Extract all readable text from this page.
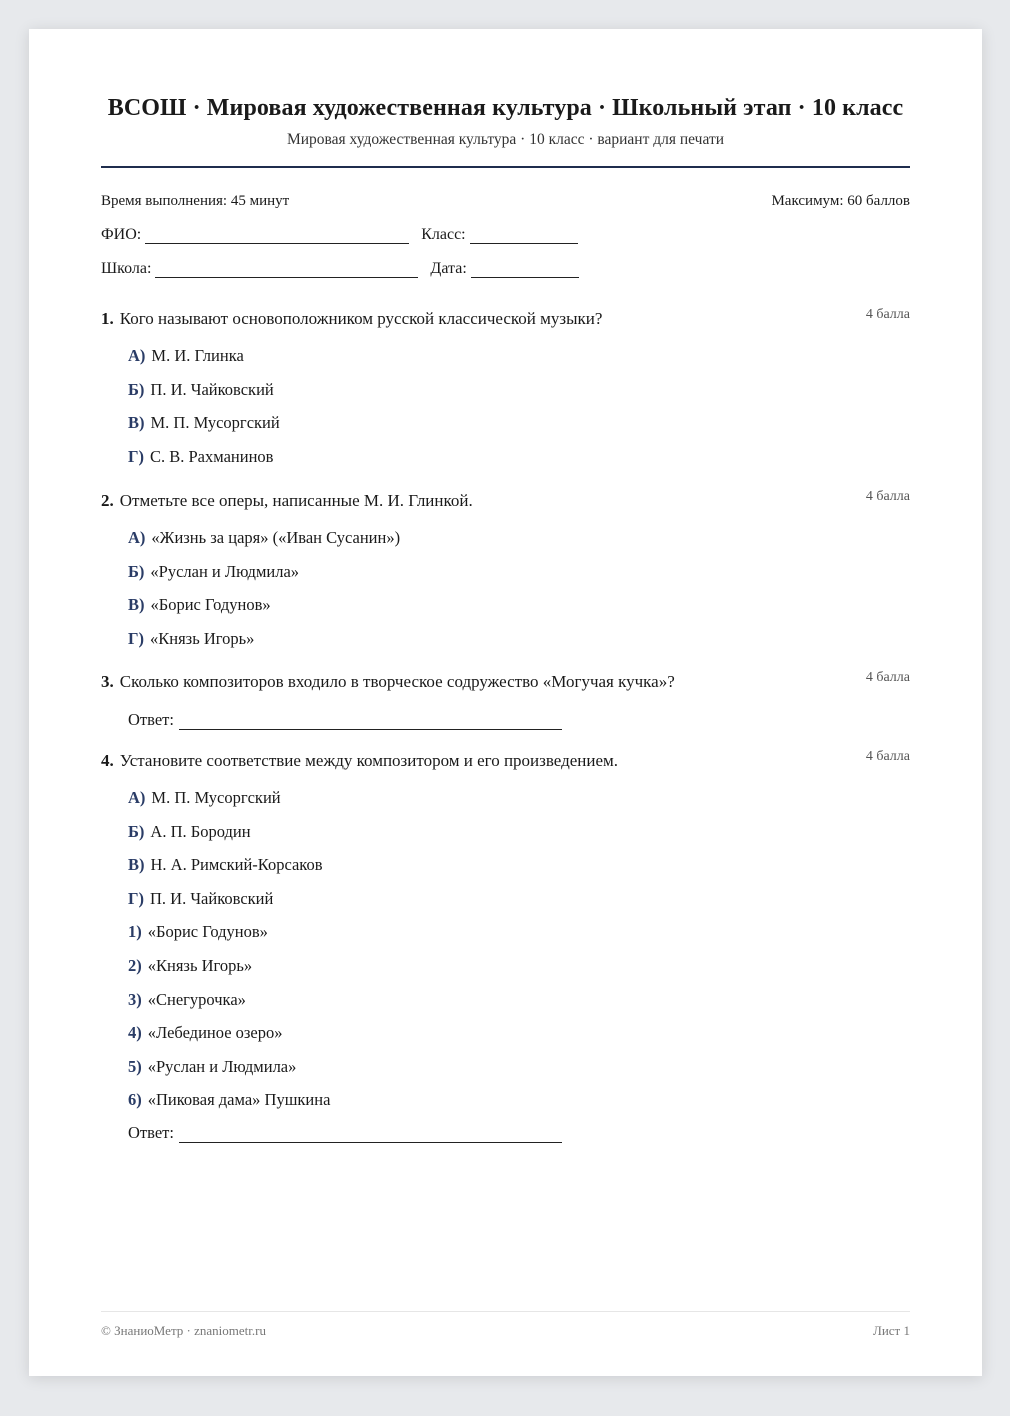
ВСОШ · Мировая художественная культура · Школьный этап · 10 класс
Мировая художественная культура · 10 класс · вариант для печати
Время выполнения: 45 минут	Максимум: 60 баллов
ФИО:	Класс:
Школа:	Дата:
1. Кого называют основоположником русской классической музыки?	4 балла
А) М. И. Глинка
Б) П. И. Чайковский
В) М. П. Мусоргский
Г) С. В. Рахманинов
2. Отметьте все оперы, написанные М. И. Глинкой.	4 балла
А) «Жизнь за царя» («Иван Сусанин»)
Б) «Руслан и Людмила»
В) «Борис Годунов»
Г) «Князь Игорь»
3. Сколько композиторов входило в творческое содружество «Могучая кучка»?	4 балла
Ответ:
4. Установите соответствие между композитором и его произведением.	4 балла
А) М. П. Мусоргский
Б) А. П. Бородин
В) Н. А. Римский-Корсаков
Г) П. И. Чайковский
1) «Борис Годунов»
2) «Князь Игорь»
3) «Снегурочка»
4) «Лебединое озеро»
5) «Руслан и Людмила»
6) «Пиковая дама» Пушкина
Ответ:
© ЗнаниоМетр · znaniometr.ru	Лист 1
